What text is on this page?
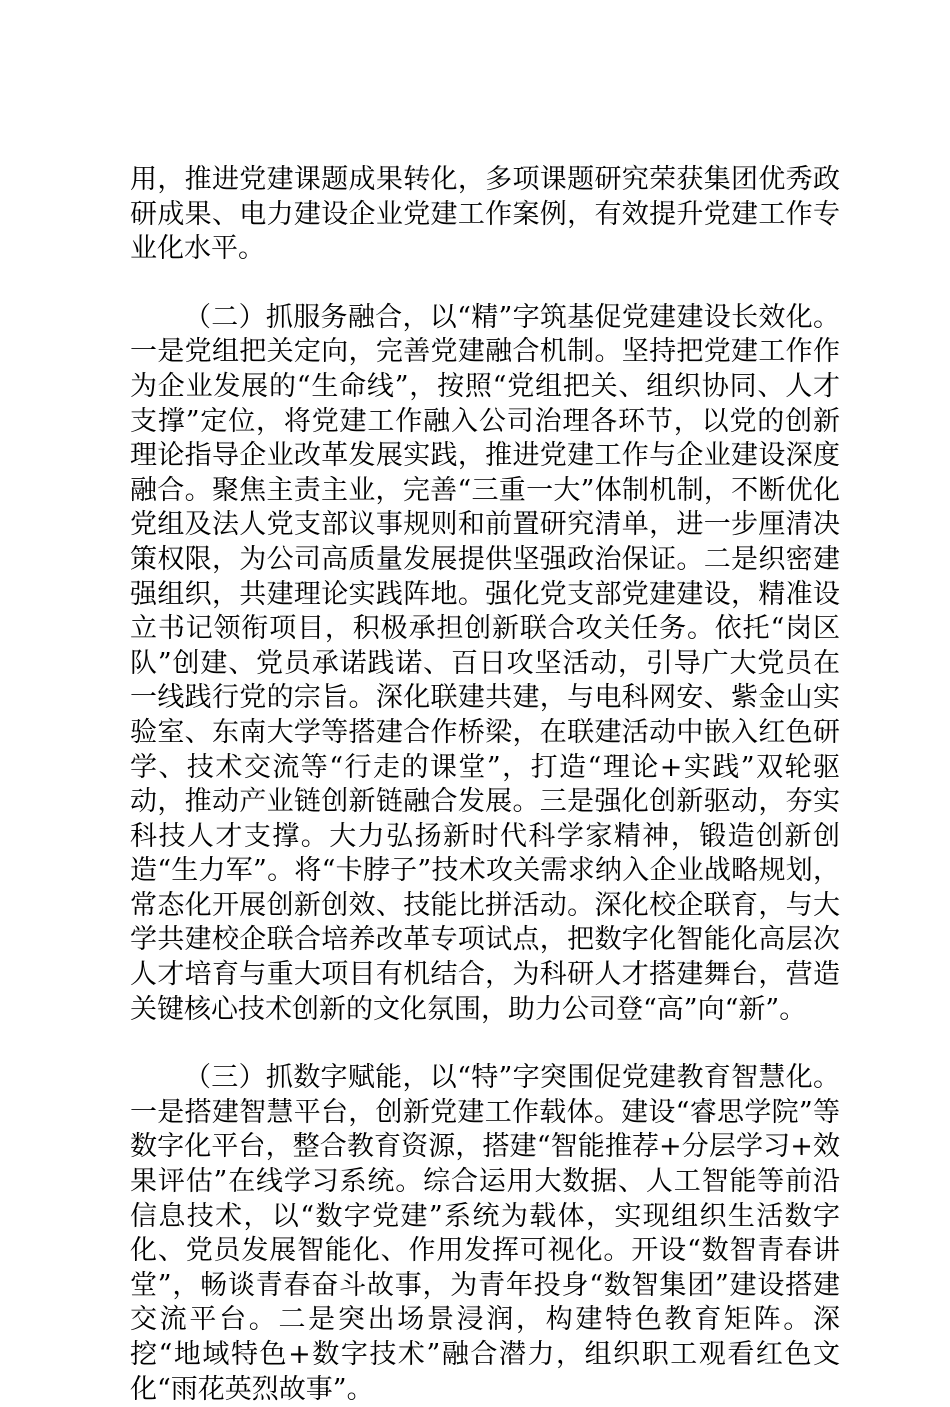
用，推进党建课题成果转化，多项课题研究荣获集团优秀政研成果、电力建设企业党建工作案例，有效提升党建工作专业化水平。

（二）抓服务融合，以“精”字筑基促党建建设长效化。一是党组把关定向，完善党建融合机制。坚持把党建工作作为企业发展的“生命线”，按照“党组把关、组织协同、人才支撑”定位，将党建工作融入公司治理各环节，以党的创新理论指导企业改革发展实践，推进党建工作与企业建设深度融合。聚焦主责主业，完善“三重一大”体制机制，不断优化党组及法人党支部议事规则和前置研究清单，进一步厘清决策权限，为公司高质量发展提供坚强政治保证。二是织密建强组织，共建理论实践阵地。强化党支部党建建设，精准设立书记领衔项目，积极承担创新联合攻关任务。依托“岗区队”创建、党员承诺践诺、百日攻坚活动，引导广大党员在一线践行党的宗旨。深化联建共建，与电科网安、紫金山实验室、东南大学等搭建合作桥梁，在联建活动中嵌入红色研学、技术交流等“行走的课堂”，打造“理论+实践”双轮驱动，推动产业链创新链融合发展。三是强化创新驱动，夯实科技人才支撑。大力弘扬新时代科学家精神，锻造创新创造“生力军”。将“卡脖子”技术攻关需求纳入企业战略规划，常态化开展创新创效、技能比拼活动。深化校企联育，与大学共建校企联合培养改革专项试点，把数字化智能化高层次人才培育与重大项目有机结合，为科研人才搭建舞台，营造关键核心技术创新的文化氛围，助力公司登“高”向“新”。

（三）抓数字赋能，以“特”字突围促党建教育智慧化。一是搭建智慧平台，创新党建工作载体。建设“睿思学院”等数字化平台，整合教育资源，搭建“智能推荐+分层学习+效果评估”在线学习系统。综合运用大数据、人工智能等前沿信息技术，以“数字党建”系统为载体，实现组织生活数字化、党员发展智能化、作用发挥可视化。开设“数智青春讲堂”，畅谈青春奋斗故事，为青年投身“数智集团”建设搭建交流平台。二是突出场景浸润，构建特色教育矩阵。深挖“地域特色+数字技术”融合潜力，组织职工观看红色文化“雨花英烈故事”。
